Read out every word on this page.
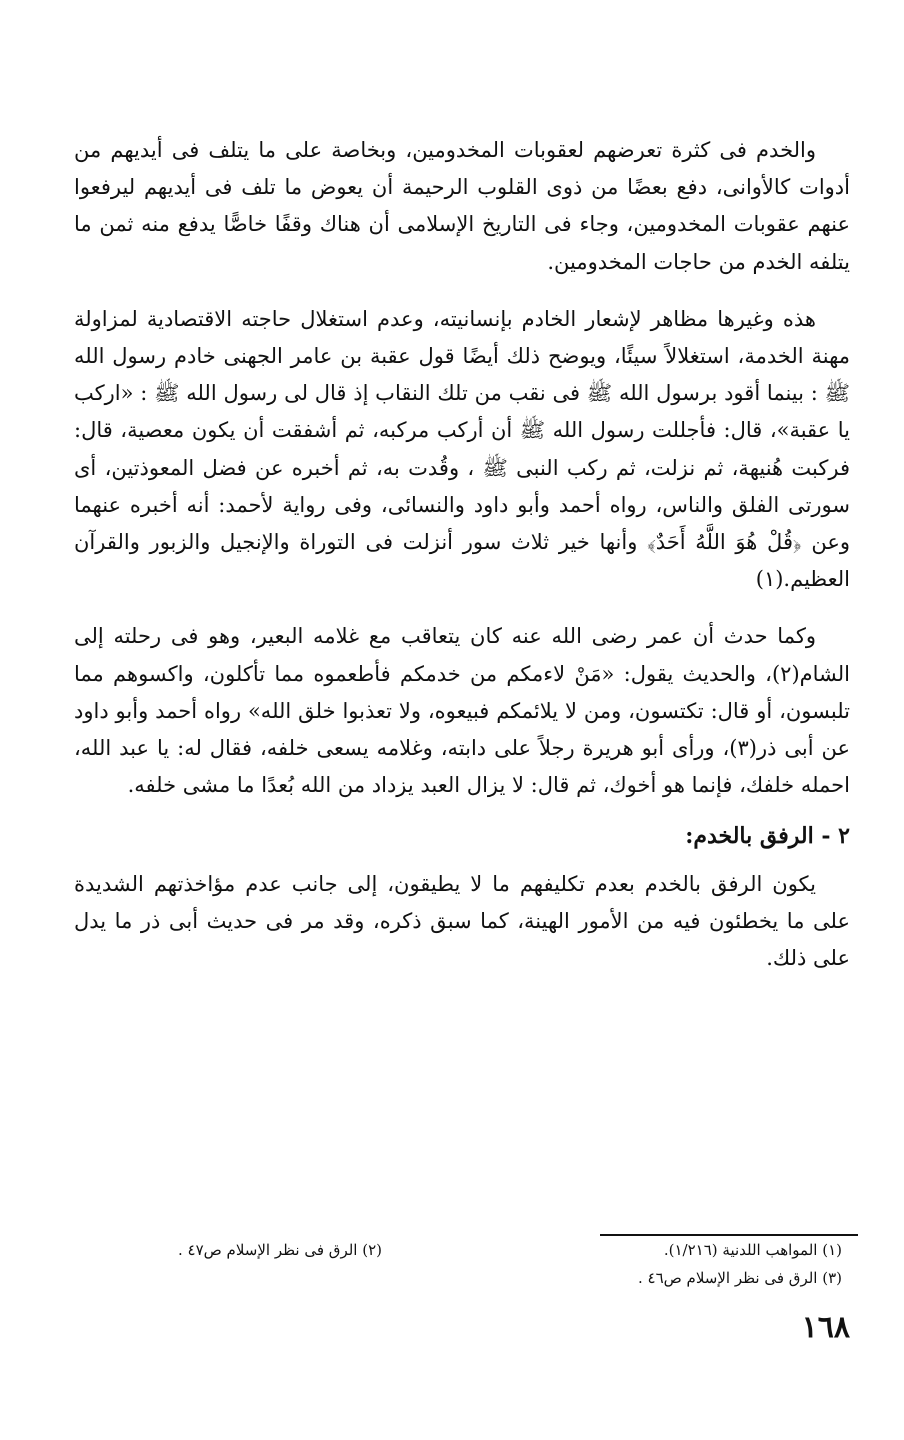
والخدم فى كثرة تعرضهم لعقوبات المخدومين، وبخاصة على ما يتلف فى أيديهم من أدوات كالأوانى، دفع بعضًا من ذوى القلوب الرحيمة أن يعوض ما تلف فى أيديهم ليرفعوا عنهم عقوبات المخدومين، وجاء فى التاريخ الإسلامى أن هناك وقفًا خاصًّا يدفع منه ثمن ما يتلفه الخدم من حاجات المخدومين.

هذه وغيرها مظاهر لإشعار الخادم بإنسانيته، وعدم استغلال حاجته الاقتصادية لمزاولة مهنة الخدمة، استغلالاً سيئًا، ويوضح ذلك أيضًا قول عقبة بن عامر الجهنى خادم رسول الله ﷺ : بينما أقود برسول الله ﷺ فى نقب من تلك النقاب إذ قال لى رسول الله ﷺ : «اركب يا عقبة»، قال: فأجللت رسول الله ﷺ أن أركب مركبه، ثم أشفقت أن يكون معصية، قال: فركبت هُنيهة، ثم نزلت، ثم ركب النبى ﷺ ، وقُدت به، ثم أخبره عن فضل المعوذتين، أى سورتى الفلق والناس، رواه أحمد وأبو داود والنسائى، وفى رواية لأحمد: أنه أخبره عنهما وعن ﴿قُلْ هُوَ اللَّهُ أَحَدٌ﴾ وأنها خير ثلاث سور أنزلت فى التوراة والإنجيل والزبور والقرآن العظيم.(١)

وكما حدث أن عمر رضى الله عنه كان يتعاقب مع غلامه البعير، وهو فى رحلته إلى الشام(٢)، والحديث يقول: «مَنْ لاءمكم من خدمكم فأطعموه مما تأكلون، واكسوهم مما تلبسون، أو قال: تكتسون، ومن لا يلائمكم فبيعوه، ولا تعذبوا خلق الله» رواه أحمد وأبو داود عن أبى ذر(٣)، ورأى أبو هريرة رجلاً على دابته، وغلامه يسعى خلفه، فقال له: يا عبد الله، احمله خلفك، فإنما هو أخوك، ثم قال: لا يزال العبد يزداد من الله بُعدًا ما مشى خلفه.

٢ - الرفق بالخدم:

يكون الرفق بالخدم بعدم تكليفهم ما لا يطيقون، إلى جانب عدم مؤاخذتهم الشديدة على ما يخطئون فيه من الأمور الهينة، كما سبق ذكره، وقد مر فى حديث أبى ذر ما يدل على ذلك.

(١) المواهب اللدنية (١/٢١٦).
(٢) الرق فى نظر الإسلام ص٤٧ .
(٣) الرق فى نظر الإسلام ص٤٦ .
١٦٨
